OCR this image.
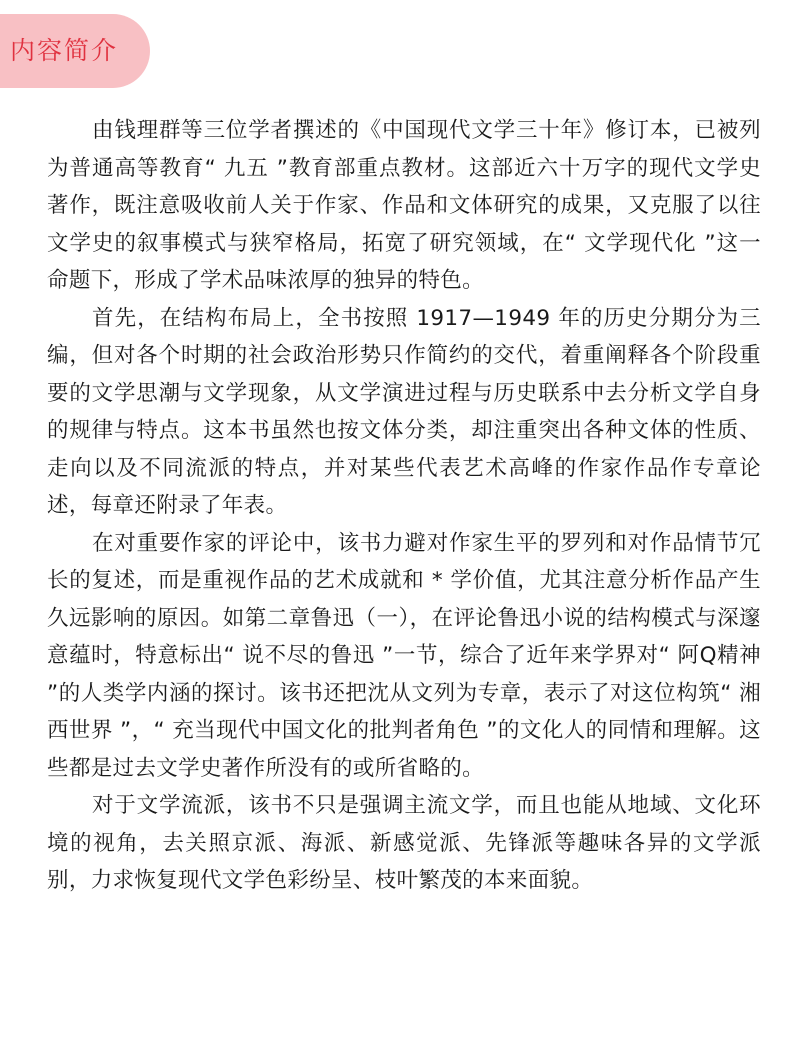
内容简介

由钱理群等三位学者撰述的《中国现代文学三十年》修订本，已被列为普通高等教育“ 九五 ”教育部重点教材。这部近六十万字的现代文学史著作，既注意吸收前人关于作家、作品和文体研究的成果，又克服了以往文学史的叙事模式与狭窄格局，拓宽了研究领域，在“ 文学现代化 ”这一命题下，形成了学术品味浓厚的独异的特色。

首先，在结构布局上，全书按照 1917—1949 年的历史分期分为三编，但对各个时期的社会政治形势只作简约的交代，着重阐释各个阶段重要的文学思潮与文学现象，从文学演进过程与历史联系中去分析文学自身的规律与特点。这本书虽然也按文体分类，却注重突出各种文体的性质、走向以及不同流派的特点，并对某些代表艺术高峰的作家作品作专章论述，每章还附录了年表。

在对重要作家的评论中，该书力避对作家生平的罗列和对作品情节冗长的复述，而是重视作品的艺术成就和 * 学价值，尤其注意分析作品产生久远影响的原因。如第二章鲁迅（一），在评论鲁迅小说的结构模式与深邃意蕴时，特意标出“ 说不尽的鲁迅 ”一节，综合了近年来学界对“ 阿Q精神 ”的人类学内涵的探讨。该书还把沈从文列为专章，表示了对这位构筑“ 湘西世界 ”，“ 充当现代中国文化的批判者角色 ”的文化人的同情和理解。这些都是过去文学史著作所没有的或所省略的。

对于文学流派，该书不只是强调主流文学，而且也能从地域、文化环境的视角，去关照京派、海派、新感觉派、先锋派等趣味各异的文学派别，力求恢复现代文学色彩纷呈、枝叶繁茂的本来面貌。
